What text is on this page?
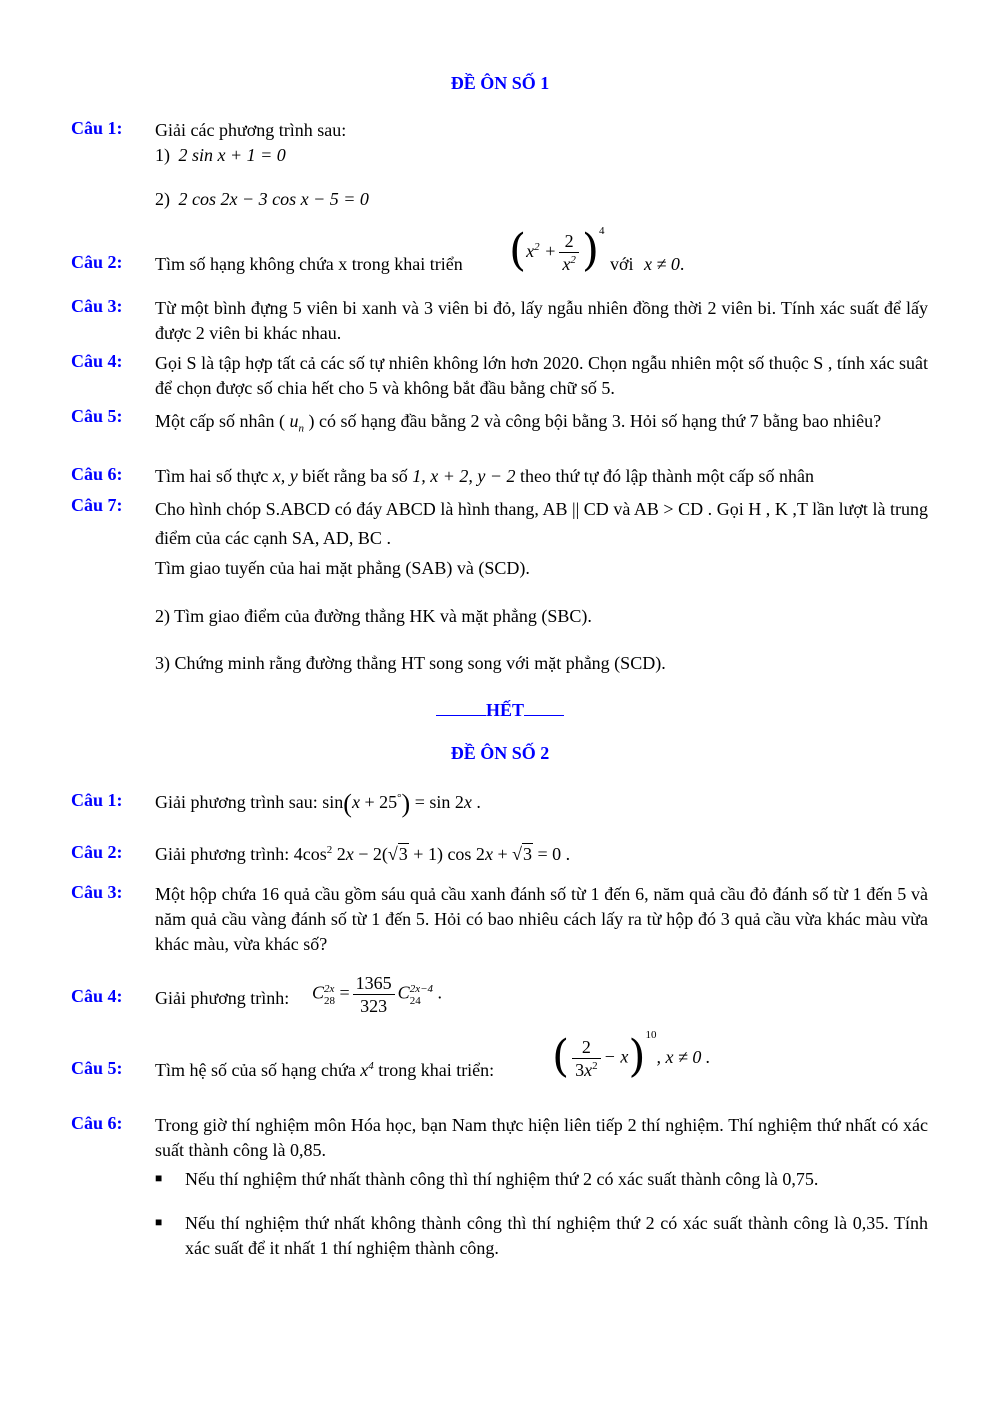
ĐỀ ÔN SỐ 1
Câu 1: Giải các phương trình sau:
1) 2 sin x + 1 = 0
2) 2 cos 2x − 3 cos x − 5 = 0
Câu 2: Tìm số hạng không chứa x trong khai triển $(x^2 + \frac{2}{x^2} )^4$
với x ≠ 0.
Câu 3: Từ một bình đựng 5 viên bi xanh và 3 viên bi đỏ, lấy ngẫu nhiên đồng thời 2 viên bi. Tính xác suất để lấy được 2 viên bi khác nhau.
Câu 4: Gọi S là tập hợp tất cả các số tự nhiên không lớn hơn 2020. Chọn ngẫu nhiên một số thuộc S , tính xác suât để chọn được số chia hết cho 5 và không bắt đầu bằng chữ số 5.
Câu 5: Một cấp số nhân ( $u_n$ ) có số hạng đầu bằng 2 và công bội bằng 3. Hỏi số hạng thứ 7 bằng bao nhiêu?
Câu 6: Tìm hai số thực x, y biết rằng ba số 1, x + 2, y − 2 theo thứ tự đó lập thành một cấp số nhân
Câu 7: Cho hình chóp S.ABCD có đáy ABCD là hình thang, AB || CD và AB > CD . Gọi H , K ,T lần lượt là trung điểm của các cạnh SA, AD, BC .
Tìm giao tuyến của hai mặt phẳng (SAB) và (SCD).
2) Tìm giao điểm của đường thẳng HK và mặt phẳng (SBC).
3) Chứng minh rằng đường thẳng HT song song với mặt phẳng (SCD).
HẾT
ĐỀ ÔN SỐ 2
Câu 1: Giải phương trình sau: sin(x + 25°) = sin 2x .
Câu 2: Giải phương trình: $4\cos^2$ 2x − 2(√3 + 1) cos 2x + √3 = 0 .
Câu 3: Một hộp chứa 16 quả cầu gồm sáu quả cầu xanh đánh số từ 1 đến 6, năm quả cầu đỏ đánh số từ 1 đến 5 và năm quả cầu vàng đánh số từ 1 đến 5. Hỏi có bao nhiêu cách lấy ra từ hộp đó 3 quả cầu vừa khác màu vừa khác màu, vừa khác số?
Câu 4: Giải phương trình: C 2x
$28 = \frac{1365}{323}$ C 2x−4
24 .
Câu 5: Tìm hệ số của số hạng chứa $x^4$ trong khai triển: ( $\frac{2}{3x^2} - x)^{10}$, x ≠ 0 .
Câu 6: Trong giờ thí nghiệm môn Hóa học, bạn Nam thực hiện liên tiếp 2 thí nghiệm. Thí nghiệm thứ nhất có xác suất thành công là 0,85.
■ Nếu thí nghiệm thứ nhất thành công thì thí nghiệm thứ 2 có xác suất thành công là 0,75.
■ Nếu thí nghiệm thứ nhất không thành công thì thí nghiệm thứ 2 có xác suất thành công là 0,35. Tính xác suất để it nhất 1 thí nghiệm thành công.
